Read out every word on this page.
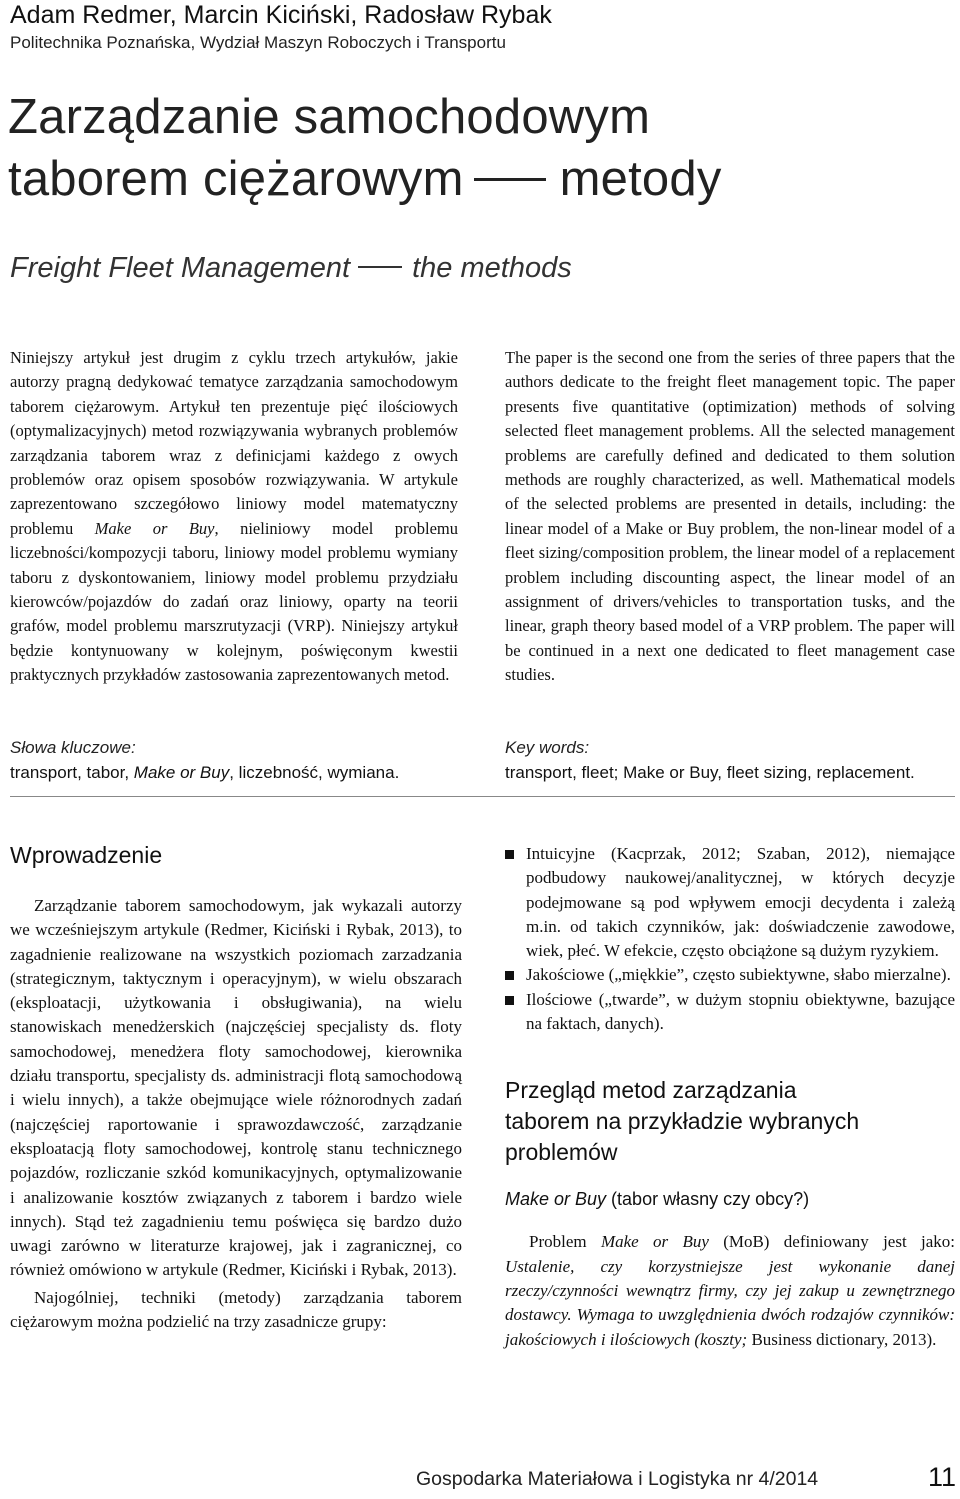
Adam Redmer, Marcin Kiciński, Radosław Rybak
Politechnika Poznańska, Wydział Maszyn Roboczych i Transportu
Zarządzanie samochodowym
taborem ciężarowym metody
Freight Fleet Management the methods

Niniejszy artykuł jest drugim z cyklu trzech artykułów, jakie autorzy pragną dedykować tematyce zarządzania samochodowym taborem ciężarowym. Artykuł ten prezentuje pięć ilościowych (optymalizacyjnych) metod rozwiązywania wybranych problemów zarządzania taborem wraz z definicjami każdego z owych problemów oraz opisem sposobów rozwiązywania. W artykule zaprezentowano szczegółowo liniowy model matematyczny problemu Make or Buy, nieliniowy model problemu liczebności/kompozycji taboru, liniowy model problemu wymiany taboru z dyskontowaniem, liniowy model problemu przydziału kierowców/pojazdów do zadań oraz liniowy, oparty na teorii grafów, model problemu marszrutyzacji (VRP). Niniejszy artykuł będzie kontynuowany w kolejnym, poświęconym kwestii praktycznych przykładów zastosowania zaprezentowanych metod.

The paper is the second one from the series of three papers that the authors dedicate to the freight fleet management topic. The paper presents five quantitative (optimization) methods of solving selected fleet management problems. All the selected management problems are carefully defined and dedicated to them solution methods are roughly characterized, as well. Mathematical models of the selected problems are presented in details, including: the linear model of a Make or Buy problem, the non-linear model of a fleet sizing/composition problem, the linear model of a replacement problem including discounting aspect, the linear model of an assignment of drivers/vehicles to transportation tusks, and the linear, graph theory based model of a VRP problem. The paper will be continued in a next one dedicated to fleet management case studies.

Słowa kluczowe:
transport, tabor, Make or Buy, liczebność, wymiana.
Key words:
transport, fleet; Make or Buy, fleet sizing, replacement.
Wprowadzenie

Zarządzanie taborem samochodowym, jak wykazali autorzy we wcześniejszym artykule (Redmer, Kiciński i Rybak, 2013), to zagadnienie realizowane na wszystkich poziomach zarzadzania (strategicznym, taktycznym i operacyjnym), w wielu obszarach (eksploatacji, użytkowania i obsługiwania), na wielu stanowiskach menedżerskich (najczęściej specjalisty ds. floty samochodowej, menedżera floty samochodowej, kierownika działu transportu, specjalisty ds. administracji flotą samochodową i wielu innych), a także obejmujące wiele różnorodnych zadań (najczęściej raportowanie i sprawozdawczość, zarządzanie eksploatacją floty samochodowej, kontrolę stanu technicznego pojazdów, rozliczanie szkód komunikacyjnych, optymalizowanie i analizowanie kosztów związanych z taborem i bardzo wiele innych). Stąd też zagadnieniu temu poświęca się bardzo dużo uwagi zarówno w literaturze krajowej, jak i zagranicznej, co również omówiono w artykule (Redmer, Kiciński i Rybak, 2013).

Najogólniej, techniki (metody) zarządzania taborem ciężarowym można podzielić na trzy zasadnicze grupy:

Intuicyjne (Kacprzak, 2012; Szaban, 2012), niemające podbudowy naukowej/analitycznej, w których decyzje podejmowane są pod wpływem emocji decydenta i zależą m.in. od takich czynników, jak: doświadczenie zawodowe, wiek, płeć. W efekcie, często obciążone są dużym ryzykiem.
Jakościowe („miękkie”, często subiektywne, słabo mierzalne).
Ilościowe („twarde”, w dużym stopniu obiektywne, bazujące na faktach, danych).
Przegląd metod zarządzania taborem na przykładzie wybranych problemów
Make or Buy (tabor własny czy obcy?)

Problem Make or Buy (MoB) definiowany jest jako: Ustalenie, czy korzystniejsze jest wykonanie danej rzeczy/czynności wewnątrz firmy, czy jej zakup u zewnętrznego dostawcy. Wymaga to uwzględnienia dwóch rodzajów czynników: jakościowych i ilościowych (koszty; Business dictionary, 2013).

Gospodarka Materiałowa i Logistyka nr 4/2014	11
